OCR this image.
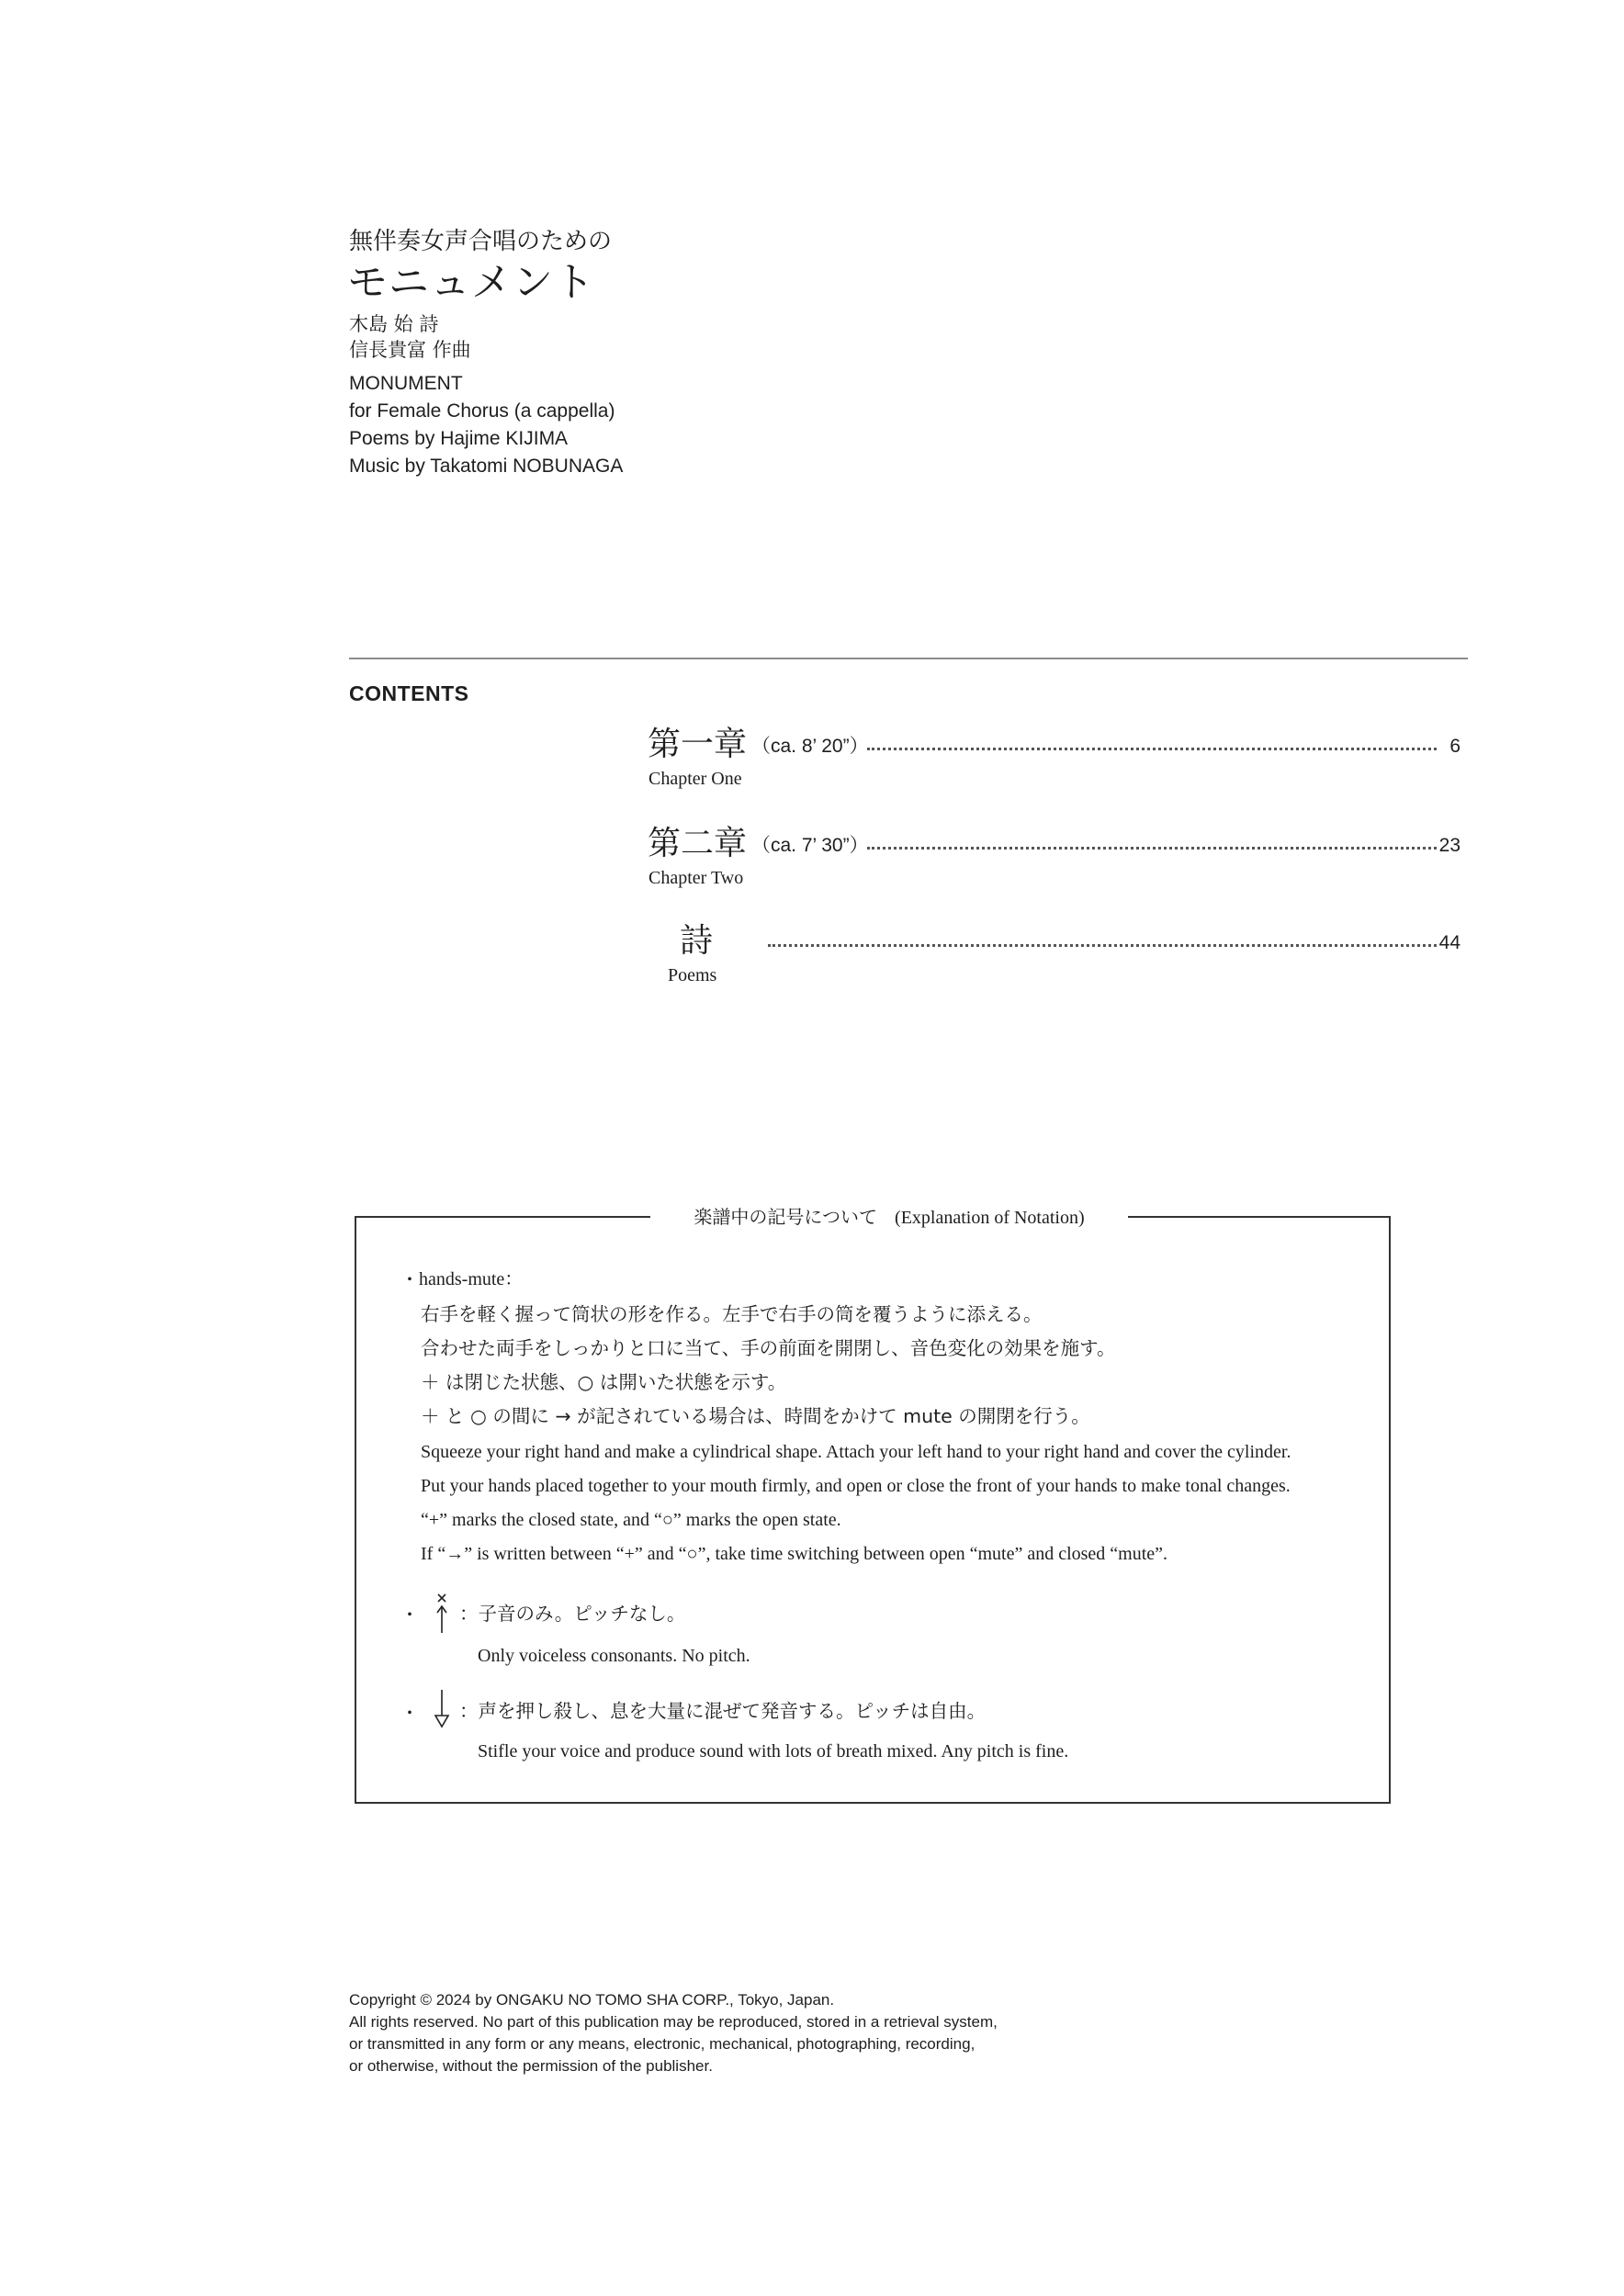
無伴奏女声合唱のための
モニュメント
木島 始 詩
信長貴富 作曲
MONUMENT
for Female Chorus (a cappella)
Poems by Hajime KIJIMA
Music by Takatomi NOBUNAGA
CONTENTS
第一章 （ca. 8’ 20”）	6
Chapter One
第二章 （ca. 7’ 30”）	23
Chapter Two
詩	44
Poems
楽譜中の記号について (Explanation of Notation)
・ hands-mute：
右手を軽く握って筒状の形を作る。左手で右手の筒を覆うように添える。
合わせた両手をしっかりと口に当て、手の前面を開閉し、音色変化の効果を施す。
＋ は閉じた状態、○ は開いた状態を示す。
＋ と ○ の間に → が記されている場合は、時間をかけて mute の開閉を行う。
Squeeze your right hand and make a cylindrical shape. Attach your left hand to your right hand and cover the cylinder.
Put your hands placed together to your mouth firmly, and open or close the front of your hands to make tonal changes.
“+” marks the closed state, and “○” marks the open state.
If “→” is written between “+” and “○”, take time switching between open “mute” and closed “mute”.
・ ：子音のみ。ピッチなし。
Only voiceless consonants. No pitch.
・ ：声を押し殺し、息を大量に混ぜて発音する。ピッチは自由。
Stifle your voice and produce sound with lots of breath mixed. Any pitch is fine.
Copyright © 2024 by ONGAKU NO TOMO SHA CORP., Tokyo, Japan.
All rights reserved. No part of this publication may be reproduced, stored in a retrieval system,
or transmitted in any form or any means, electronic, mechanical, photographing, recording,
or otherwise, without the permission of the publisher.
